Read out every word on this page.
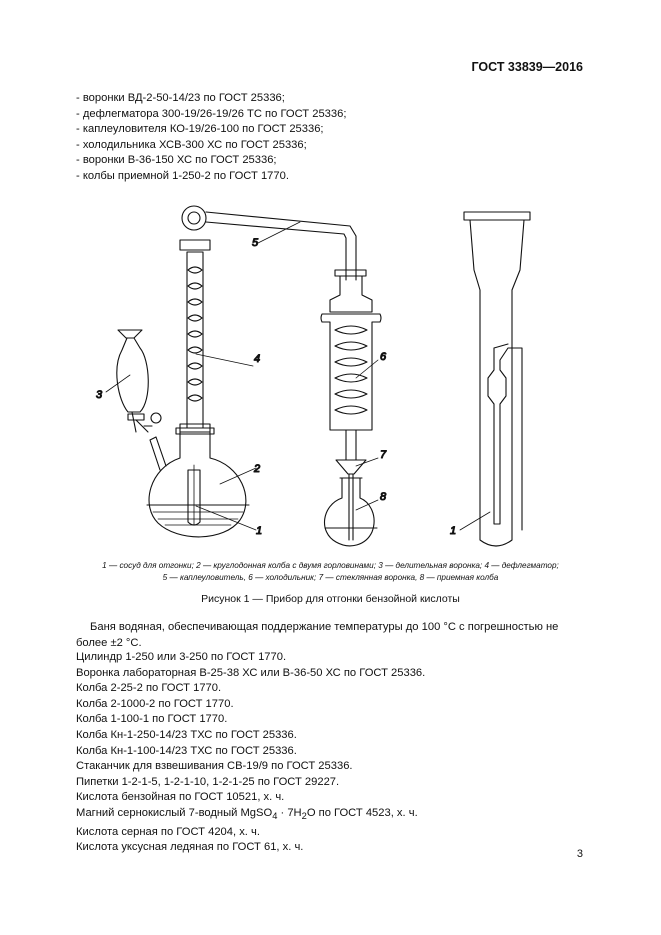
ГОСТ 33839—2016
- воронки ВД-2-50-14/23 по ГОСТ 25336;
- дефлегматора 300-19/26-19/26 ТС по ГОСТ 25336;
- каплеуловителя КО-19/26-100 по ГОСТ 25336;
- холодильника ХСВ-300 ХС по ГОСТ 25336;
- воронки В-36-150 ХС по ГОСТ 25336;
- колбы приемной 1-250-2 по ГОСТ 1770.
1
1
2
3
4
5
6
7
8
1 — сосуд для отгонки; 2 — круглодонная колба с двумя горловинами; 3 — делительная воронка; 4 — дефлегматор;
5 — каплеуловитель, 6 — холодильник; 7 — стеклянная воронка, 8 — приемная колба
Рисунок 1 — Прибор для отгонки бензойной кислоты
Баня водяная, обеспечивающая поддержание температуры до 100 °С с погрешностью не более ±2 °С.
Цилиндр 1-250 или 3-250 по ГОСТ 1770.
Воронка лабораторная В-25-38 ХС или В-36-50 ХС по ГОСТ 25336.
Колба 2-25-2 по ГОСТ 1770.
Колба 2-1000-2 по ГОСТ 1770.
Колба 1-100-1 по ГОСТ 1770.
Колба Кн-1-250-14/23 ТХС по ГОСТ 25336.
Колба Кн-1-100-14/23 ТХС по ГОСТ 25336.
Стаканчик для взвешивания СВ-19/9 по ГОСТ 25336.
Пипетки 1-2-1-5, 1-2-1-10, 1-2-1-25 по ГОСТ 29227.
Кислота бензойная по ГОСТ 10521, х. ч.
Магний сернокислый 7-водный MgSO$_4$ · $7H_2O$ по ГОСТ 4523, х. ч.
Кислота серная по ГОСТ 4204, х. ч.
Кислота уксусная ледяная по ГОСТ 61, х. ч.
3
